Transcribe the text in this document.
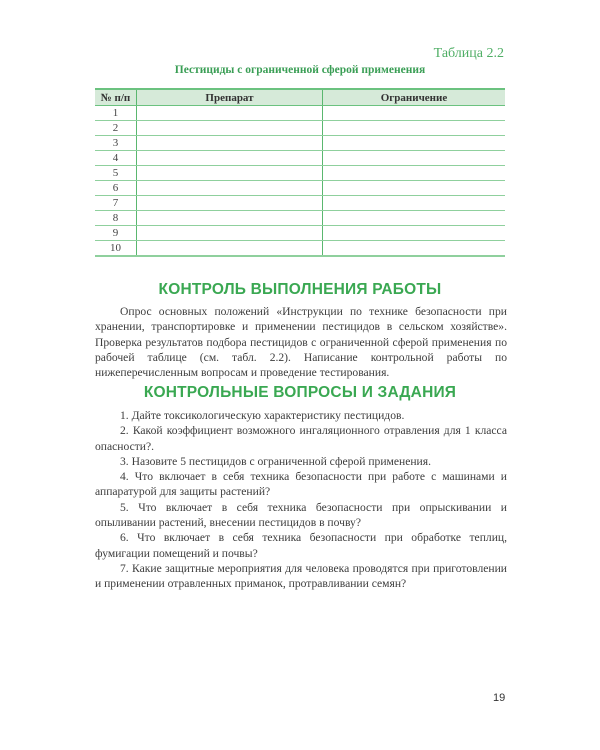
Таблица 2.2
Пестициды с ограниченной сферой применения
№ п/п	Препарат	Ограничение
1		
2		
3		
4		
5		
6		
7		
8		
9		
10		
КОНТРОЛЬ ВЫПОЛНЕНИЯ РАБОТЫ

Опрос основных положений «Инструкции по технике безопасности при хранении, транспортировке и применении пестицидов в сельском хозяйстве». Проверка результатов подбора пестицидов с ограниченной сферой применения по рабочей таблице (см. табл. 2.2). Написание контрольной работы по нижеперечисленным вопросам и проведение тестирования.

КОНТРОЛЬНЫЕ ВОПРОСЫ И ЗАДАНИЯ

1. Дайте токсикологическую характеристику пестицидов.

2. Какой коэффициент возможного ингаляционного отравления для 1 класса опасности?.

3. Назовите 5 пестицидов с ограниченной сферой применения.

4. Что включает в себя техника безопасности при работе с машинами и аппаратурой для защиты растений?

5. Что включает в себя техника безопасности при опрыскивании и опыливании растений, внесении пестицидов в почву?

6. Что включает в себя техника безопасности при обработке теплиц, фумигации помещений и почвы?

7. Какие защитные мероприятия для человека проводятся при приготовлении и применении отравленных приманок, протравливании семян?

19
